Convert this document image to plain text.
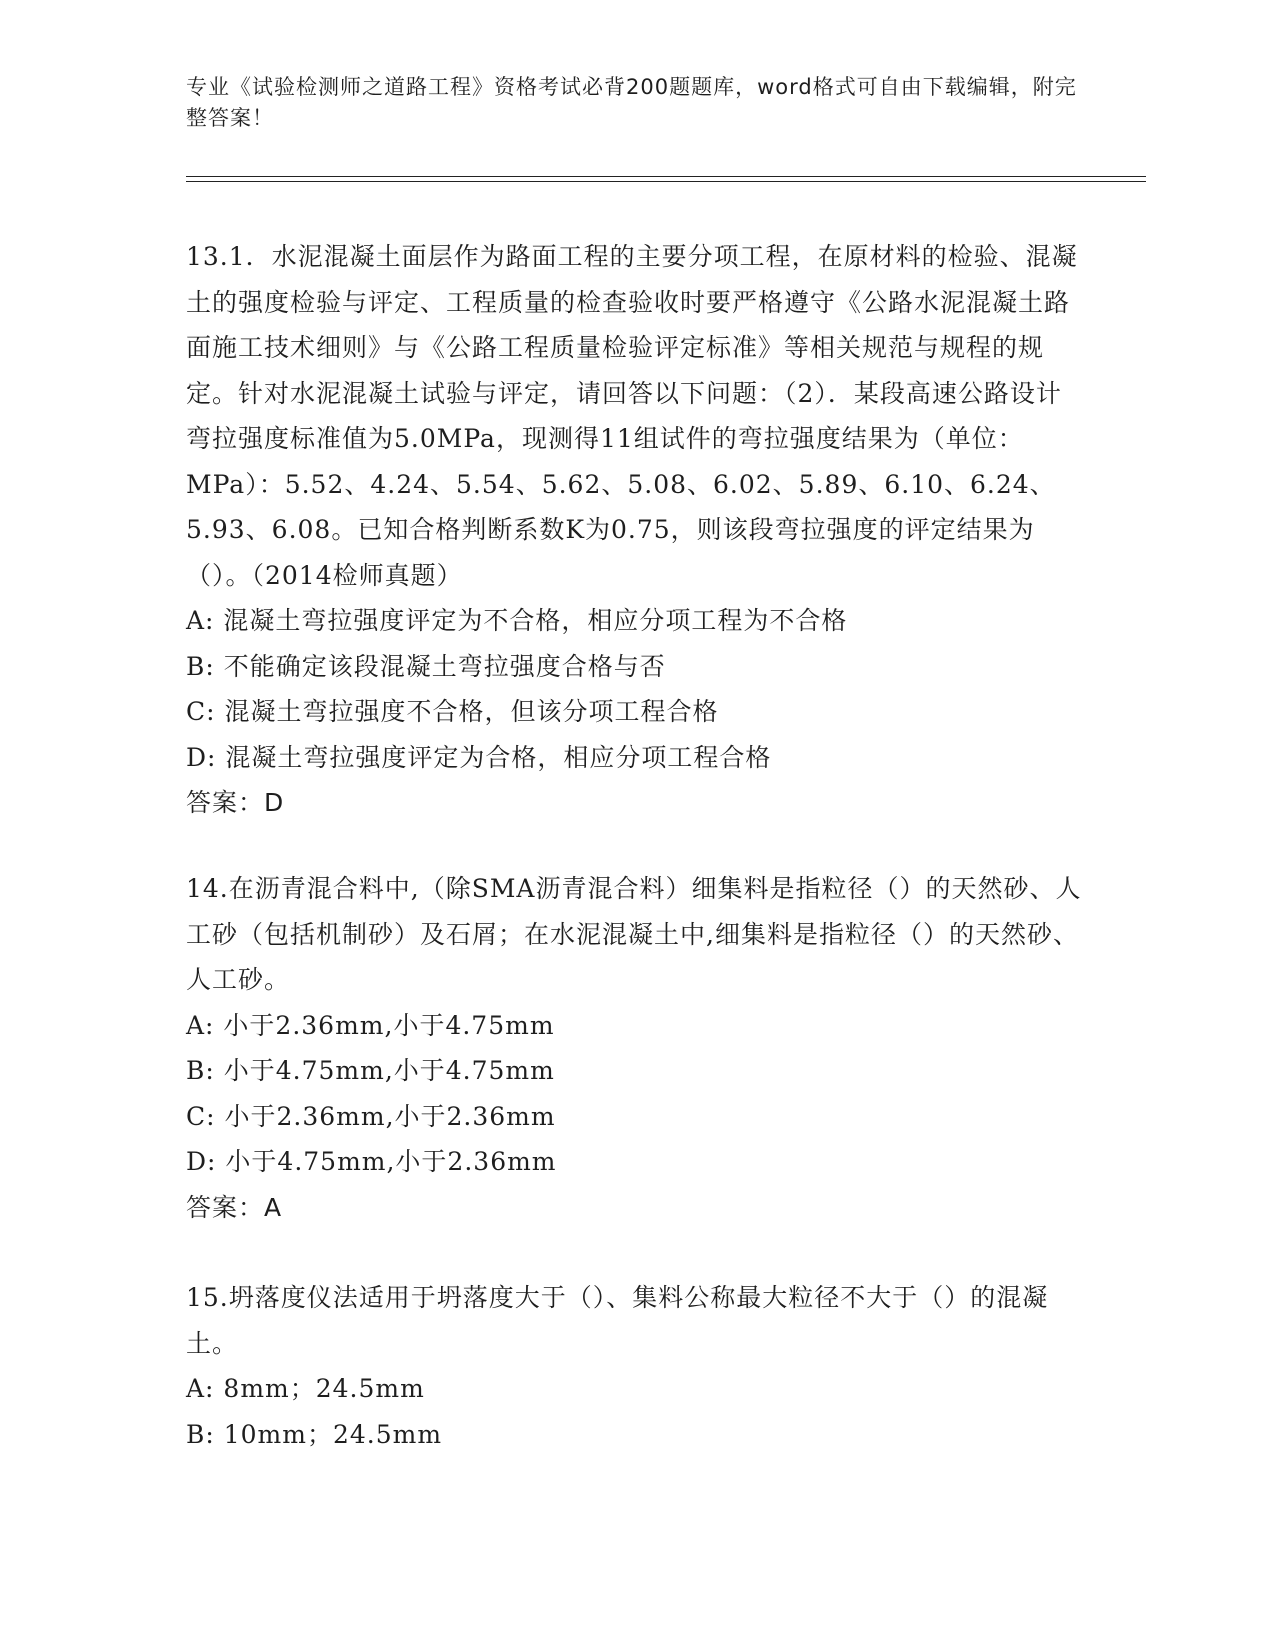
专业《试验检测师之道路工程》资格考试必背200题题库，word格式可自由下载编辑，附完整答案！

13.1．水泥混凝土面层作为路面工程的主要分项工程，在原材料的检验、混凝土的强度检验与评定、工程质量的检查验收时要严格遵守《公路水泥混凝土路面施工技术细则》与《公路工程质量检验评定标准》等相关规范与规程的规定。针对水泥混凝土试验与评定，请回答以下问题：（2）．某段高速公路设计弯拉强度标准值为5.0MPa，现测得11组试件的弯拉强度结果为（单位：MPa）：5.52、4.24、5.54、5.62、5.08、6.02、5.89、6.10、6.24、5.93、6.08。已知合格判断系数K为0.75，则该段弯拉强度的评定结果为（）。（2014检师真题）

A: 混凝土弯拉强度评定为不合格，相应分项工程为不合格

B: 不能确定该段混凝土弯拉强度合格与否

C: 混凝土弯拉强度不合格，但该分项工程合格

D: 混凝土弯拉强度评定为合格，相应分项工程合格

答案：D

14.在沥青混合料中,（除SMA沥青混合料）细集料是指粒径（）的天然砂、人工砂（包括机制砂）及石屑；在水泥混凝土中,细集料是指粒径（）的天然砂、人工砂。

A: 小于2.36mm,小于4.75mm

B: 小于4.75mm,小于4.75mm

C: 小于2.36mm,小于2.36mm

D: 小于4.75mm,小于2.36mm

答案：A

15.坍落度仪法适用于坍落度大于（）、集料公称最大粒径不大于（）的混凝土。

A: 8mm；24.5mm

B: 10mm；24.5mm
